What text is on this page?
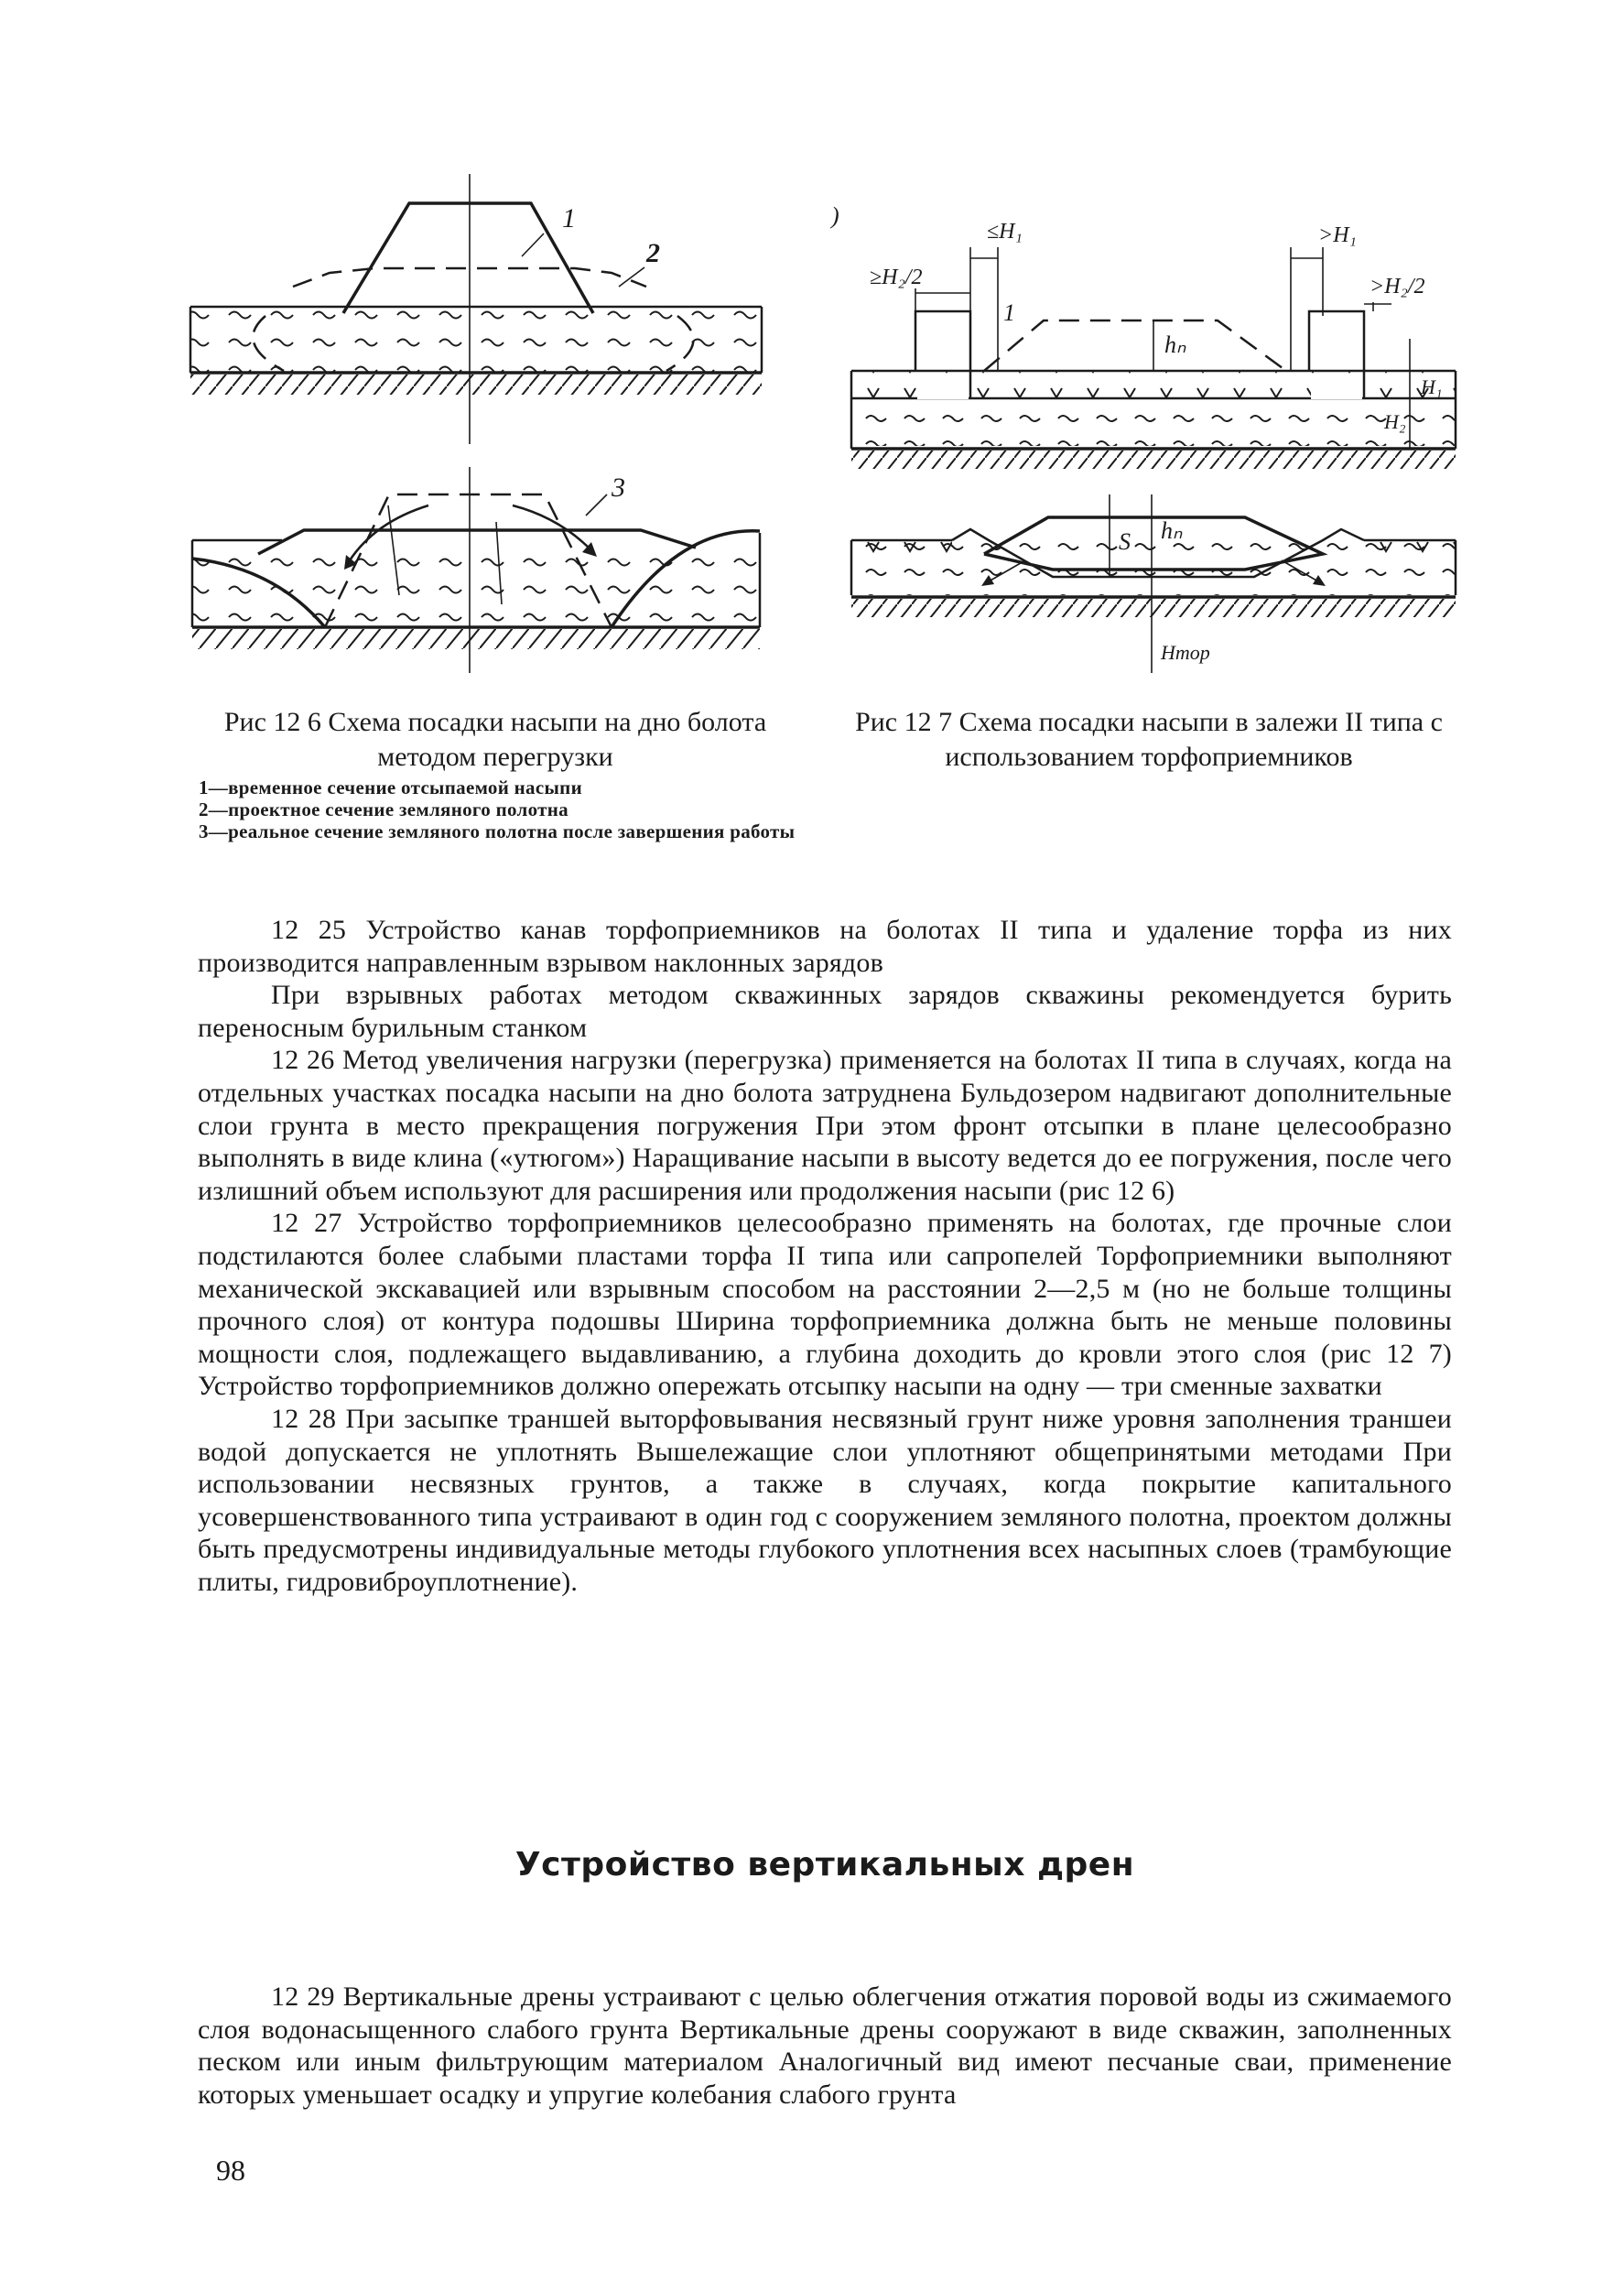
1
2
3
Рис 12 6 Схема посадки насыпи на дно болота методом перегрузки
1—временное сечение отсыпаемой насыпи
2—проектное сечение земляного полотна
3—реальное сечение земляного полотна после завершения работы
)
≤H₁
≥H₂/2
>H₁
>H₂/2
1
hₙ
H₁
H₂
S hₙ
Hтор
Рис 12 7 Схема посадки насыпи в залежи II типа с использованием торфоприемников

12 25 Устройство канав торфоприемников на болотах II типа и удаление торфа из них производится направленным взрывом наклонных зарядов

При взрывных работах методом скважинных зарядов скважины рекомендуется бурить переносным бурильным станком

12 26 Метод увеличения нагрузки (перегрузка) применяется на болотах II типа в случаях, когда на отдельных участках посадка насыпи на дно болота затруднена Бульдозером надвигают дополнительные слои грунта в место прекращения погружения При этом фронт отсыпки в плане целесообразно выполнять в виде клина («утюгом») Наращивание насыпи в высоту ведется до ее погружения, после чего излишний объем используют для расширения или продолжения насыпи (рис 12 6)

12 27 Устройство торфоприемников целесообразно применять на болотах, где прочные слои подстилаются более слабыми пластами торфа II типа или сапропелей Торфоприемники выполняют механической экскавацией или взрывным способом на расстоянии 2—2,5 м (но не больше толщины прочного слоя) от контура подошвы Ширина торфоприемника должна быть не меньше половины мощности слоя, подлежащего выдавливанию, а глубина доходить до кровли этого слоя (рис 12 7) Устройство торфоприемников должно опережать отсыпку насыпи на одну — три сменные захватки

12 28 При засыпке траншей выторфовывания несвязный грунт ниже уровня заполнения траншеи водой допускается не уплотнять Вышележащие слои уплотняют общепринятыми методами При использовании несвязных грунтов, а также в случаях, когда покрытие капитального усовершенствованного типа устраивают в один год с сооружением земляного полотна, проектом должны быть предусмотрены индивидуальные методы глубокого уплотнения всех насыпных слоев (трамбующие плиты, гидровиброуплотнение).

Устройство вертикальных дрен

12 29 Вертикальные дрены устраивают с целью облегчения отжатия поровой воды из сжимаемого слоя водонасыщенного слабого грунта Вертикальные дрены сооружают в виде скважин, заполненных песком или иным фильтрующим материалом Аналогичный вид имеют песчаные сваи, применение которых уменьшает осадку и упругие колебания слабого грунта

98
